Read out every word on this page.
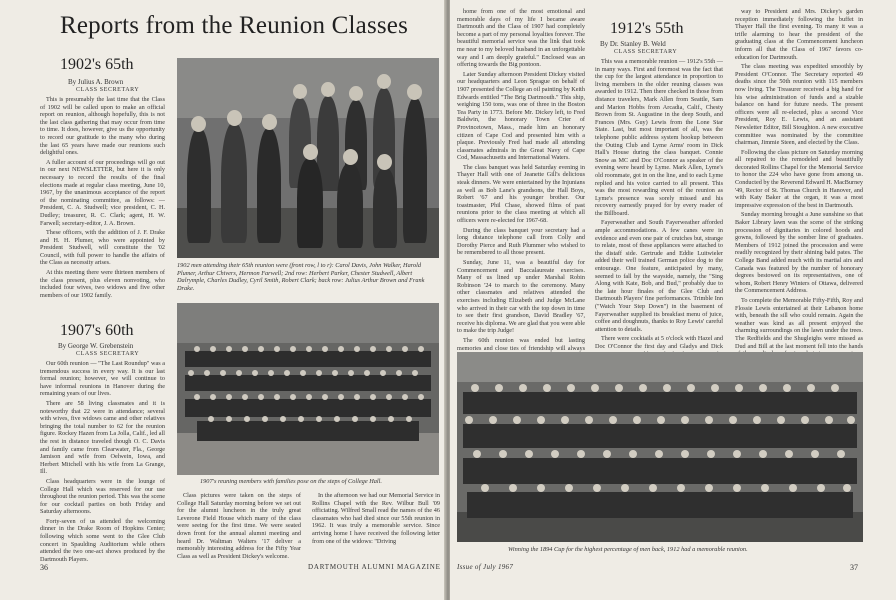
Reports from the Reunion Classes
1902's 65th
By Julius A. Brown
CLASS SECRETARY

This is presumably the last time that the Class of 1902 will be called upon to make an official report on reunion, although hopefully, this is not the last class gathering that may occur from time to time. It does, however, give us the opportunity to record our gratitude to the many who during the last 65 years have made our reunions such delightful ones.

A fuller account of our proceedings will go out in our next NEWSLETTER, but here it is only necessary to record the results of the final elections made at regular class meeting, June 10, 1967, by the unanimous acceptance of the report of the nominating committee, as follows: — President, C. A. Studwell; vice president, C. H. Dudley; treasurer, R. C. Clark; agent, H. W. Farwell; secretary-editor, J. A. Brown.

These officers, with the addition of J. F. Drake and H. H. Plumer, who were appointed by President Studwell, will constitute the '02 Council, with full power to handle the affairs of the Class as necessity arises.

At this meeting there were thirteen members of the class present, plus eleven nonvoting, who included four wives, two widows and five other members of our 1902 family.

1902 men attending their 65th reunion were (front row, l to r): Carol Davis, John Walker, Harold Plumer, Arthur Chivers, Hermon Farwell; 2nd row: Herbert Parker, Chester Studwell, Albert Dalrymple, Charles Dudley, Cyril Smith, Robert Clark; back row: Julius Arthur Brown and Frank Drake.
1907's 60th
By George W. Grebenstein
CLASS SECRETARY

Our 60th reunion — "The Last Roundup" was a tremendous success in every way. It is our last formal reunion; however, we will continue to have informal reunions in Hanover during the remaining years of our lives.

There are 58 living classmates and it is noteworthy that 22 were in attendance; several with wives, five widows came and other relatives bringing the total number to 62 for the reunion figure. Rockey Hazen from La Jolla, Calif., led all the rest in distance traveled though O. C. Davis and family came from Clearwater, Fla., George Jamison and wife from Oelwein, Iowa, and Herbert Mitchell with his wife from La Grange, Ill.

Class headquarters were in the lounge of College Hall which was reserved for our use throughout the reunion period. This was the scene for our cocktail parties on both Friday and Saturday afternoons.

Forty-seven of us attended the welcoming dinner in the Drake Room of Hopkins Center; following which some went to the Glee Club concert in Spaulding Auditorium while others attended the two one-act shows produced by the Dartmouth Players.

1907's reuning members with families pose on the steps of College Hall.

Class pictures were taken on the steps of College Hall Saturday morning before we set out for the alumni luncheon in the truly great Leverone Field House which many of the class were seeing for the first time. We were seated down front for the annual alumni meeting and heard Dr. Waltman Walters '17 deliver a memorably interesting address for the Fifty Year Class as well as President Dickey's welcome.

In the afternoon we had our Memorial Service in Rollins Chapel with the Rev. Wilbur Bull '09 officiating. Wilfred Small read the names of the 46 classmates who had died since our 55th reunion in 1962. It was truly a memorable service. Since arriving home I have received the following letter from one of the widows: "Driving

36	DARTMOUTH ALUMNI MAGAZINE

home from one of the most emotional and memorable days of my life I became aware Dartmouth and the Class of 1907 had completely become a part of my personal loyalties forever. The beautiful memorial service was the link that took me near to my beloved husband in an unforgettable way and I am deeply grateful." Enclosed was an offering towards the Big pontoon.

Later Sunday afternoon President Dickey visited our headquarters and Leon Sprague on behalf of 1907 presented the College an oil painting by Keith Edwards entitled "The Brig Dartmouth." This ship, weighing 150 tons, was one of three in the Boston Tea Party in 1773. Before Mr. Dickey left, to Fred Baldwin, the honorary Town Crier of Provincetown, Mass., made him an honorary citizen of Cape Cod and presented him with a plaque. Previously Fred had made all attending classmates admirals in the Great Navy of Cape Cod, Massachusetts and International Waters.

The class banquet was held Saturday evening in Thayer Hall with one of Jeanette Gill's delicious steak dinners. We were entertained by the Injunians as well as Bob Lane's grandsons, the Hall Boys, Robert '67 and his younger brother. Our toastmaster, Phil Chase, showed films of past reunions prior to the class meeting at which all officers were re-elected for 1967-68.

During the class banquet your secretary had a long distance telephone call from Colly and Dorothy Pierce and Ruth Plummer who wished to be remembered to all those present.

Sunday, June 11, was a beautiful day for Commencement and Baccalaureate exercises. Many of us lined up under Marshal Robin Robinson '24 to march to the ceremony. Many other classmates and relatives attended the exercises including Elizabeth and Judge McLane who arrived in their car with the top down in time to see their first grandson, David Bradley '67, receive his diploma. We are glad that you were able to make the trip Judge!

The 60th reunion was ended but lasting memories and close ties of friendship will always

1912's 55th
By Dr. Stanley B. Weld
CLASS SECRETARY

This was a memorable reunion — 1912's 55th — in many ways. First and foremost was the fact that the cup for the largest attendance in proportion to living members in the older reuning classes was awarded to 1912. Then there checked in those from distance travelers, Mark Allen from Seattle, Sam and Marion Hobbs from Arcadia, Calif., Chesty Brown from St. Augustine in the deep South, and Frances (Mrs. Guy) Lewis from the Lone Star State. Last, but most important of all, was the telephone public address system hookup between the Outing Club and Lyme Arms' room in Dick Hall's House during the class banquet. Connie Snow as MC and Doc O'Connor as speaker of the evening were heard by Lyme. Mark Allen, Lyme's old roommate, got in on the line, and to each Lyme replied and his voice carried to all present. This was the most rewarding event of the reunion as Lyme's presence was sorely missed and his recovery earnestly prayed for by every reader of the Billboard.

Fayerweather and South Fayerweather afforded ample accommodations. A few canes were in evidence and even one pair of crutches but, strange to relate, most of these appliances were attached to the distaff side. Gertrude and Eddie Luitwieler added their well trained German police dog to the entourage. One feature, anticipated by many, seemed to fall by the wayside, namely, the "Sing Along with Kate, Bob, and Bud," probably due to the late hour finales of the Glee Club and Dartmouth Players' fine performances. Trimble Inn ("Watch Your Step Down") in the basement of Fayerweather supplied its breakfast menu of juice, coffee and doughnuts, thanks to Roy Lewis' careful attention to details.

There were cocktails at 5 o'clock with Hazel and Doc O'Connor the first day and Gladys and Dick

way to President and Mrs. Dickey's garden reception immediately following the buffet in Thayer Hall the first evening. To many it was a trifle alarming to hear the president of the graduating class at the Commencement luncheon inform all that the Class of 1967 favors co-education for Dartmouth.

The class meeting was expedited smoothly by President O'Connor. The Secretary reported 49 deaths since the 50th reunion with 115 members now living. The Treasurer received a big hand for his wise administration of funds and a sizable balance on hand for future needs. The present officers were all re-elected, plus a second Vice President, Roy E. Lewis, and an assistant Newsletter Editor, Bill Stoughton. A new executive committee was nominated by the committee chairman, Jimmie Steen, and elected by the Class.

Following the class picture on Saturday morning all repaired to the remodeled and beautifully decorated Rollins Chapel for the Memorial Service to honor the 224 who have gone from among us. Conducted by the Reverend Edward H. MacBurney '49, Rector of St. Thomas Church in Hanover, and with Katy Baker at the organ, it was a most impressive expression of the best in Dartmouth.

Sunday morning brought a June sunshine so that Baker Library lawn was the scene of the striking procession of dignitaries in colored hoods and gowns, followed by the somber line of graduates. Members of 1912 joined the procession and were readily recognized by their shining bald pates. The College Band added much with its martial airs and Canada was featured by the number of honorary degrees bestowed on its representatives, one of whom, Robert Henry Winters of Ottawa, delivered the Commencement Address.

To complete the Memorable Fifty-Fifth, Roy and Flossie Lewis entertained at their Lebanon home with, beneath the sill who could remain. Again the weather was kind as all present enjoyed the charming surroundings on the lawn under the trees. The Redfields and the Shugleighs were missed as Dud and Bill at the last moment fell into the hands

Winning the 1894 Cup for the highest percentage of men back, 1912 had a memorable reunion.
Issue of July 1967	37
